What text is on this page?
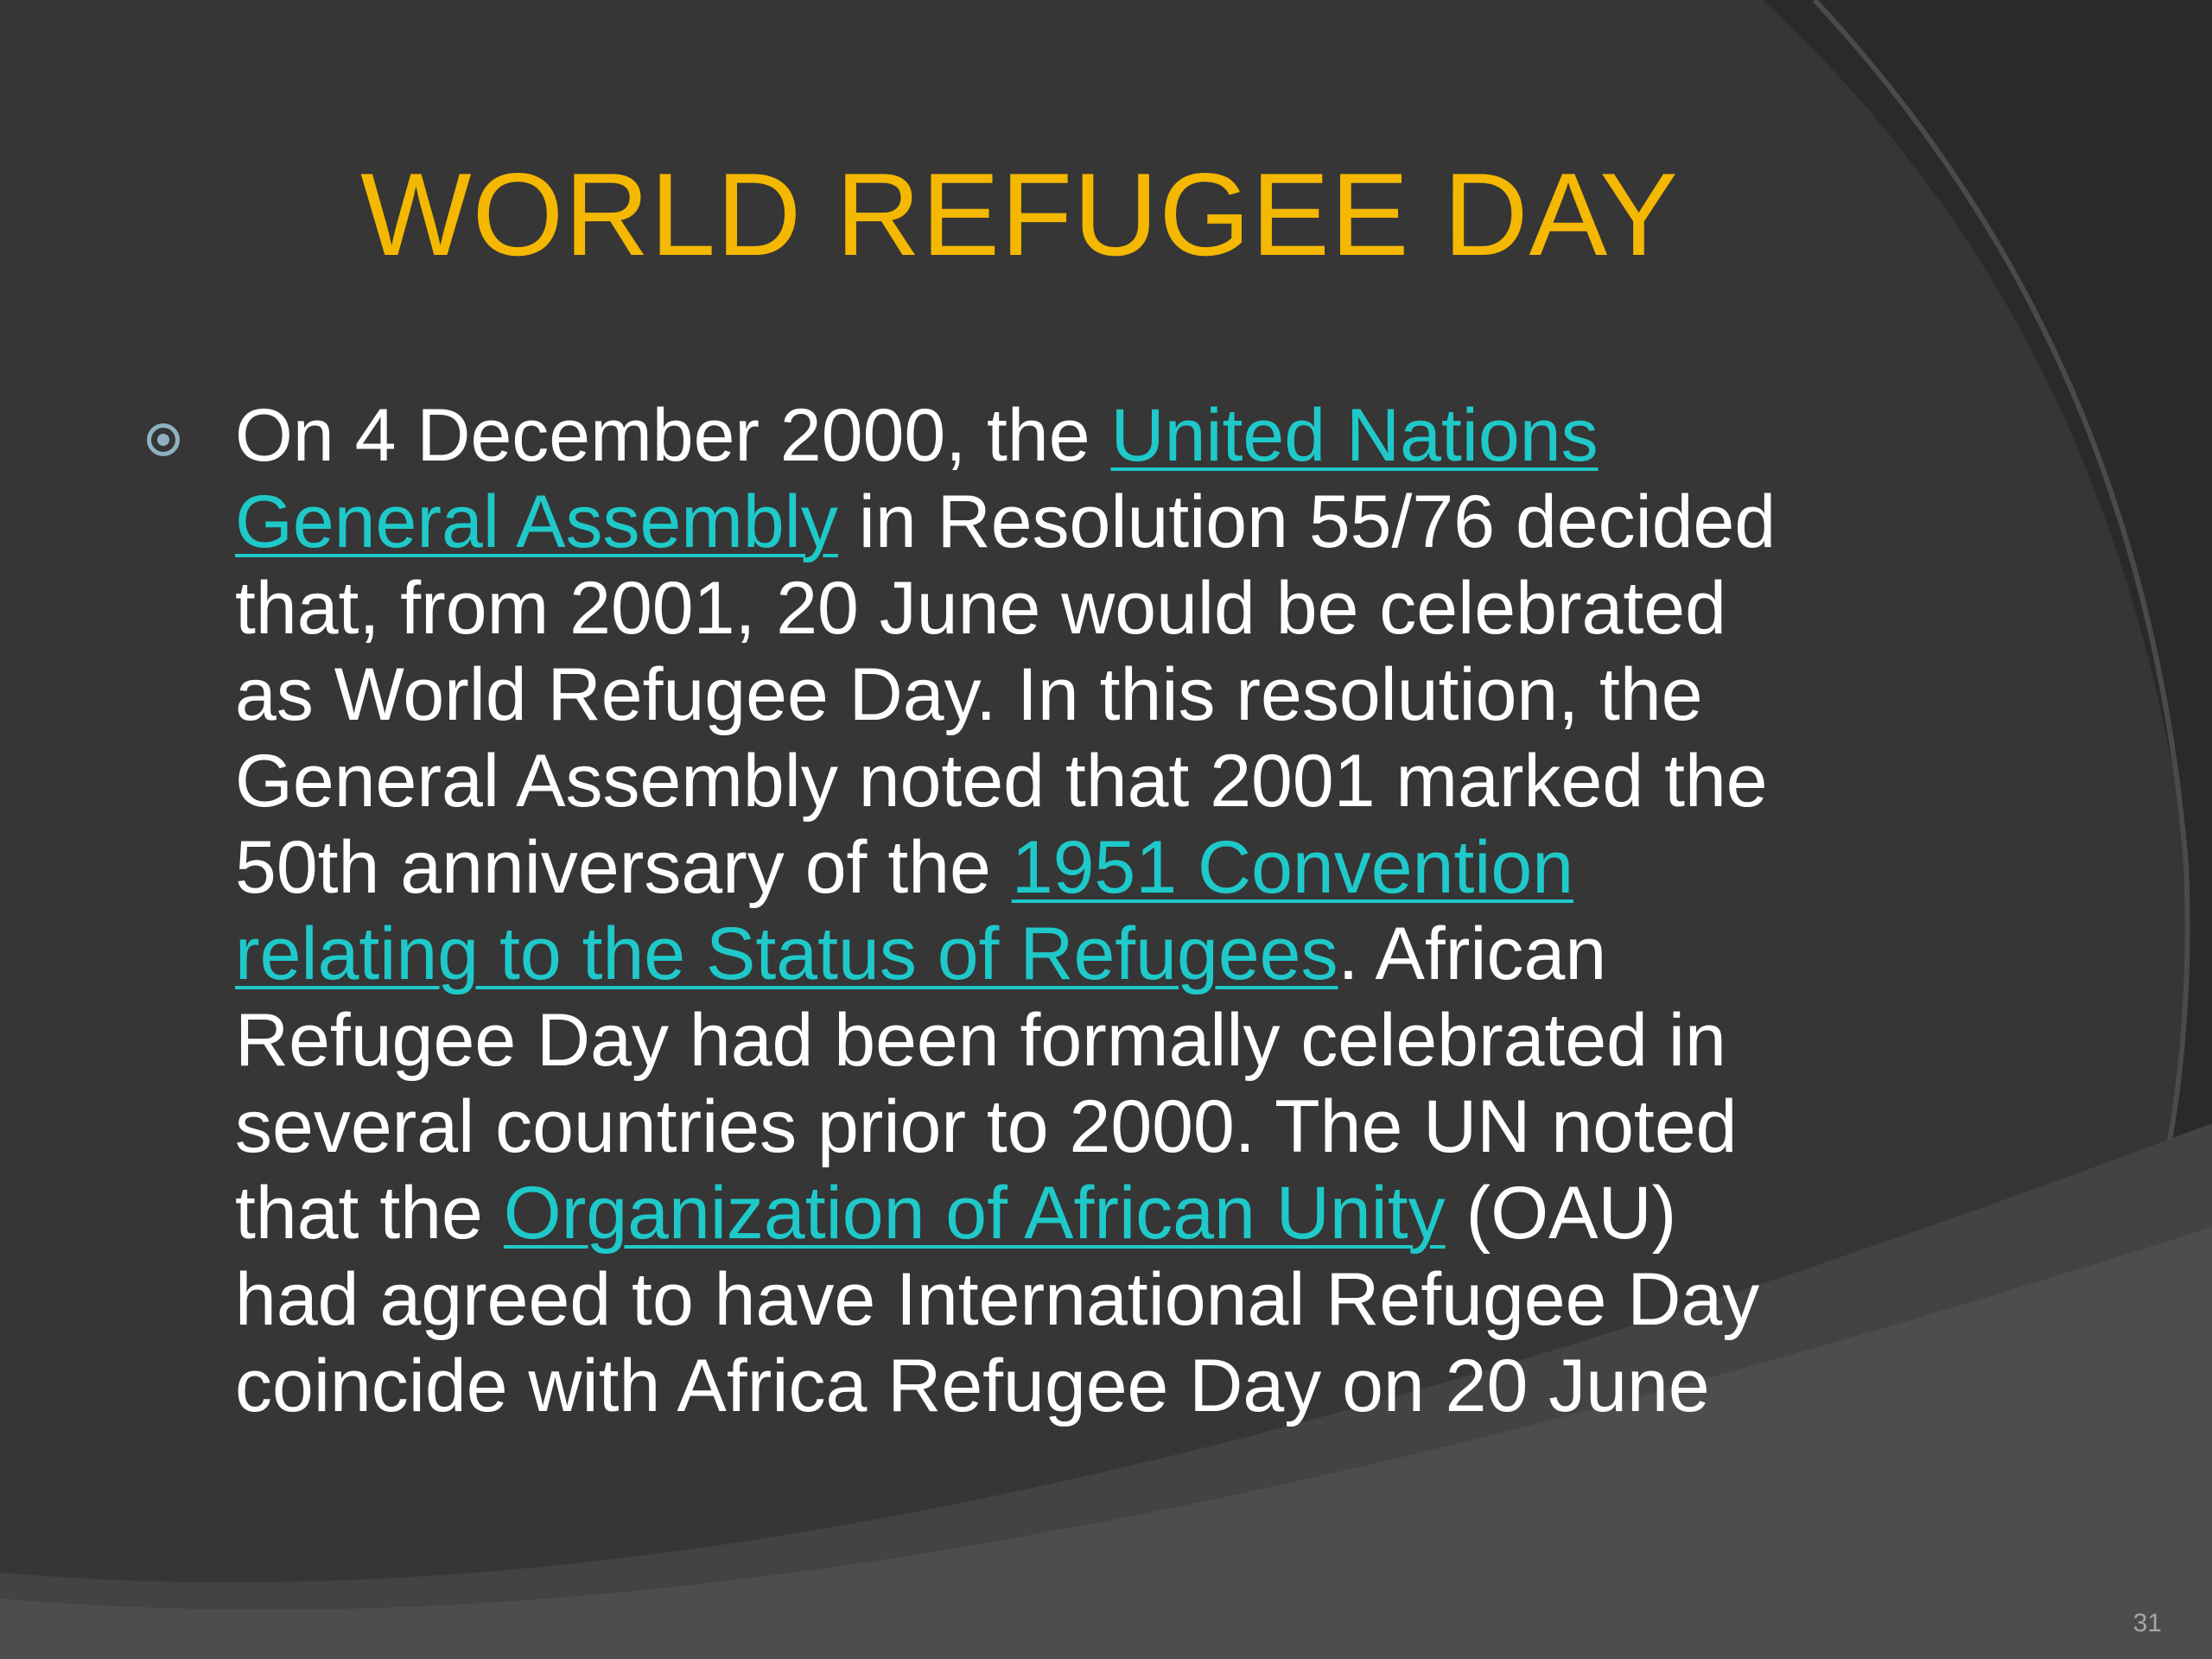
WORLD REFUGEE DAY
On 4 December 2000, the United Nations
General Assembly in Resolution 55/76 decided
that, from 2001, 20 June would be celebrated
as World Refugee Day. In this resolution, the
General Assembly noted that 2001 marked the
50th anniversary of the 1951 Convention
relating to the Status of Refugees. African
Refugee Day had been formally celebrated in
several countries prior to 2000. The UN noted
that the Organization of African Unity (OAU)
had agreed to have International Refugee Day
coincide with Africa Refugee Day on 20 June
31
